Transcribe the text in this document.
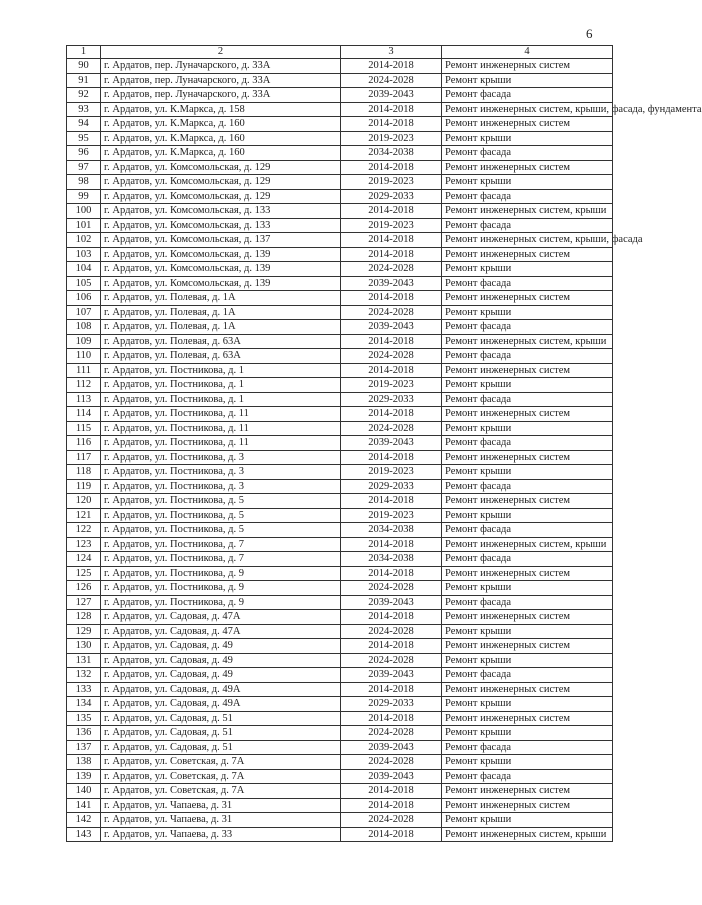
6
1	2	3	4
90	г. Ардатов, пер. Луначарского, д. 33А	2014-2018	Ремонт инженерных систем
91	г. Ардатов, пер. Луначарского, д. 33А	2024-2028	Ремонт крыши
92	г. Ардатов, пер. Луначарского, д. 33А	2039-2043	Ремонт фасада
93	г. Ардатов, ул. К.Маркса, д. 158	2014-2018	Ремонт инженерных систем, крыши, фасада, фундамента
94	г. Ардатов, ул. К.Маркса, д. 160	2014-2018	Ремонт инженерных систем
95	г. Ардатов, ул. К.Маркса, д. 160	2019-2023	Ремонт крыши
96	г. Ардатов, ул. К.Маркса, д. 160	2034-2038	Ремонт фасада
97	г. Ардатов, ул. Комсомольская, д. 129	2014-2018	Ремонт инженерных систем
98	г. Ардатов, ул. Комсомольская, д. 129	2019-2023	Ремонт крыши
99	г. Ардатов, ул. Комсомольская, д. 129	2029-2033	Ремонт фасада
100	г. Ардатов, ул. Комсомольская, д. 133	2014-2018	Ремонт инженерных систем, крыши
101	г. Ардатов, ул. Комсомольская, д. 133	2019-2023	Ремонт фасада
102	г. Ардатов, ул. Комсомольская, д. 137	2014-2018	Ремонт инженерных систем, крыши, фасада
103	г. Ардатов, ул. Комсомольская, д. 139	2014-2018	Ремонт инженерных систем
104	г. Ардатов, ул. Комсомольская, д. 139	2024-2028	Ремонт крыши
105	г. Ардатов, ул. Комсомольская, д. 139	2039-2043	Ремонт фасада
106	г. Ардатов, ул. Полевая, д. 1А	2014-2018	Ремонт инженерных систем
107	г. Ардатов, ул. Полевая, д. 1А	2024-2028	Ремонт крыши
108	г. Ардатов, ул. Полевая, д. 1А	2039-2043	Ремонт фасада
109	г. Ардатов, ул. Полевая, д. 63А	2014-2018	Ремонт инженерных систем, крыши
110	г. Ардатов, ул. Полевая, д. 63А	2024-2028	Ремонт фасада
111	г. Ардатов, ул. Постникова, д. 1	2014-2018	Ремонт инженерных систем
112	г. Ардатов, ул. Постникова, д. 1	2019-2023	Ремонт крыши
113	г. Ардатов, ул. Постникова, д. 1	2029-2033	Ремонт фасада
114	г. Ардатов, ул. Постникова, д. 11	2014-2018	Ремонт инженерных систем
115	г. Ардатов, ул. Постникова, д. 11	2024-2028	Ремонт крыши
116	г. Ардатов, ул. Постникова, д. 11	2039-2043	Ремонт фасада
117	г. Ардатов, ул. Постникова, д. 3	2014-2018	Ремонт инженерных систем
118	г. Ардатов, ул. Постникова, д. 3	2019-2023	Ремонт крыши
119	г. Ардатов, ул. Постникова, д. 3	2029-2033	Ремонт фасада
120	г. Ардатов, ул. Постникова, д. 5	2014-2018	Ремонт инженерных систем
121	г. Ардатов, ул. Постникова, д. 5	2019-2023	Ремонт крыши
122	г. Ардатов, ул. Постникова, д. 5	2034-2038	Ремонт фасада
123	г. Ардатов, ул. Постникова, д. 7	2014-2018	Ремонт инженерных систем, крыши
124	г. Ардатов, ул. Постникова, д. 7	2034-2038	Ремонт фасада
125	г. Ардатов, ул. Постникова, д. 9	2014-2018	Ремонт инженерных систем
126	г. Ардатов, ул. Постникова, д. 9	2024-2028	Ремонт крыши
127	г. Ардатов, ул. Постникова, д. 9	2039-2043	Ремонт фасада
128	г. Ардатов, ул. Садовая, д. 47А	2014-2018	Ремонт инженерных систем
129	г. Ардатов, ул. Садовая, д. 47А	2024-2028	Ремонт крыши
130	г. Ардатов, ул. Садовая, д. 49	2014-2018	Ремонт инженерных систем
131	г. Ардатов, ул. Садовая, д. 49	2024-2028	Ремонт крыши
132	г. Ардатов, ул. Садовая, д. 49	2039-2043	Ремонт фасада
133	г. Ардатов, ул. Садовая, д. 49А	2014-2018	Ремонт инженерных систем
134	г. Ардатов, ул. Садовая, д. 49А	2029-2033	Ремонт крыши
135	г. Ардатов, ул. Садовая, д. 51	2014-2018	Ремонт инженерных систем
136	г. Ардатов, ул. Садовая, д. 51	2024-2028	Ремонт крыши
137	г. Ардатов, ул. Садовая, д. 51	2039-2043	Ремонт фасада
138	г. Ардатов, ул. Советская, д. 7А	2024-2028	Ремонт крыши
139	г. Ардатов, ул. Советская, д. 7А	2039-2043	Ремонт фасада
140	г. Ардатов, ул. Советская, д. 7А	2014-2018	Ремонт инженерных систем
141	г. Ардатов, ул. Чапаева, д. 31	2014-2018	Ремонт инженерных систем
142	г. Ардатов, ул. Чапаева, д. 31	2024-2028	Ремонт крыши
143	г. Ардатов, ул. Чапаева, д. 33	2014-2018	Ремонт инженерных систем, крыши
